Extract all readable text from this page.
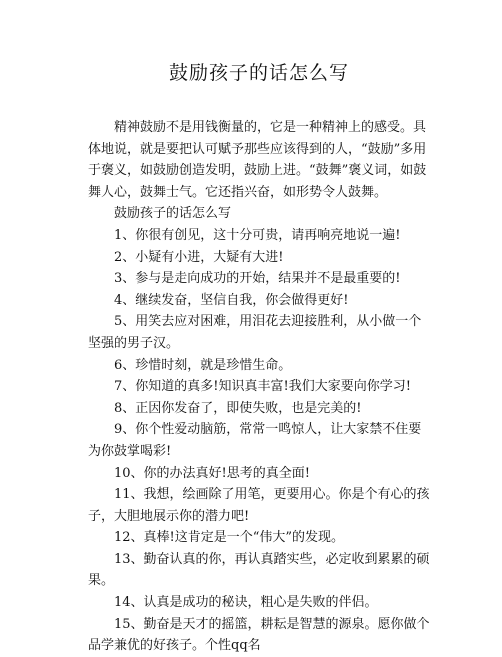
鼓励孩子的话怎么写

精神鼓励不是用钱衡量的，它是一种精神上的感受。具体地说，就是要把认可赋予那些应该得到的人，“鼓励”多用于褒义，如鼓励创造发明，鼓励上进。“鼓舞”褒义词，如鼓舞人心，鼓舞士气。它还指兴奋，如形势令人鼓舞。

鼓励孩子的话怎么写

1、你很有创见，这十分可贵，请再响亮地说一遍!

2、小疑有小进，大疑有大进!

3、参与是走向成功的开始，结果并不是最重要的!

4、继续发奋，坚信自我，你会做得更好!

5、用笑去应对困难，用泪花去迎接胜利，从小做一个坚强的男子汉。

6、珍惜时刻，就是珍惜生命。

7、你知道的真多!知识真丰富!我们大家要向你学习!

8、正因你发奋了，即使失败，也是完美的!

9、你个性爱动脑筋，常常一鸣惊人，让大家禁不住要为你鼓掌喝彩!

10、你的办法真好!思考的真全面!

11、我想，绘画除了用笔，更要用心。你是个有心的孩子，大胆地展示你的潜力吧!

12、真棒!这肯定是一个“伟大”的发现。

13、勤奋认真的你，再认真踏实些，必定收到累累的硕果。

14、认真是成功的秘诀，粗心是失败的伴侣。

15、勤奋是天才的摇篮，耕耘是智慧的源泉。愿你做个品学兼优的好孩子。个性qq名
